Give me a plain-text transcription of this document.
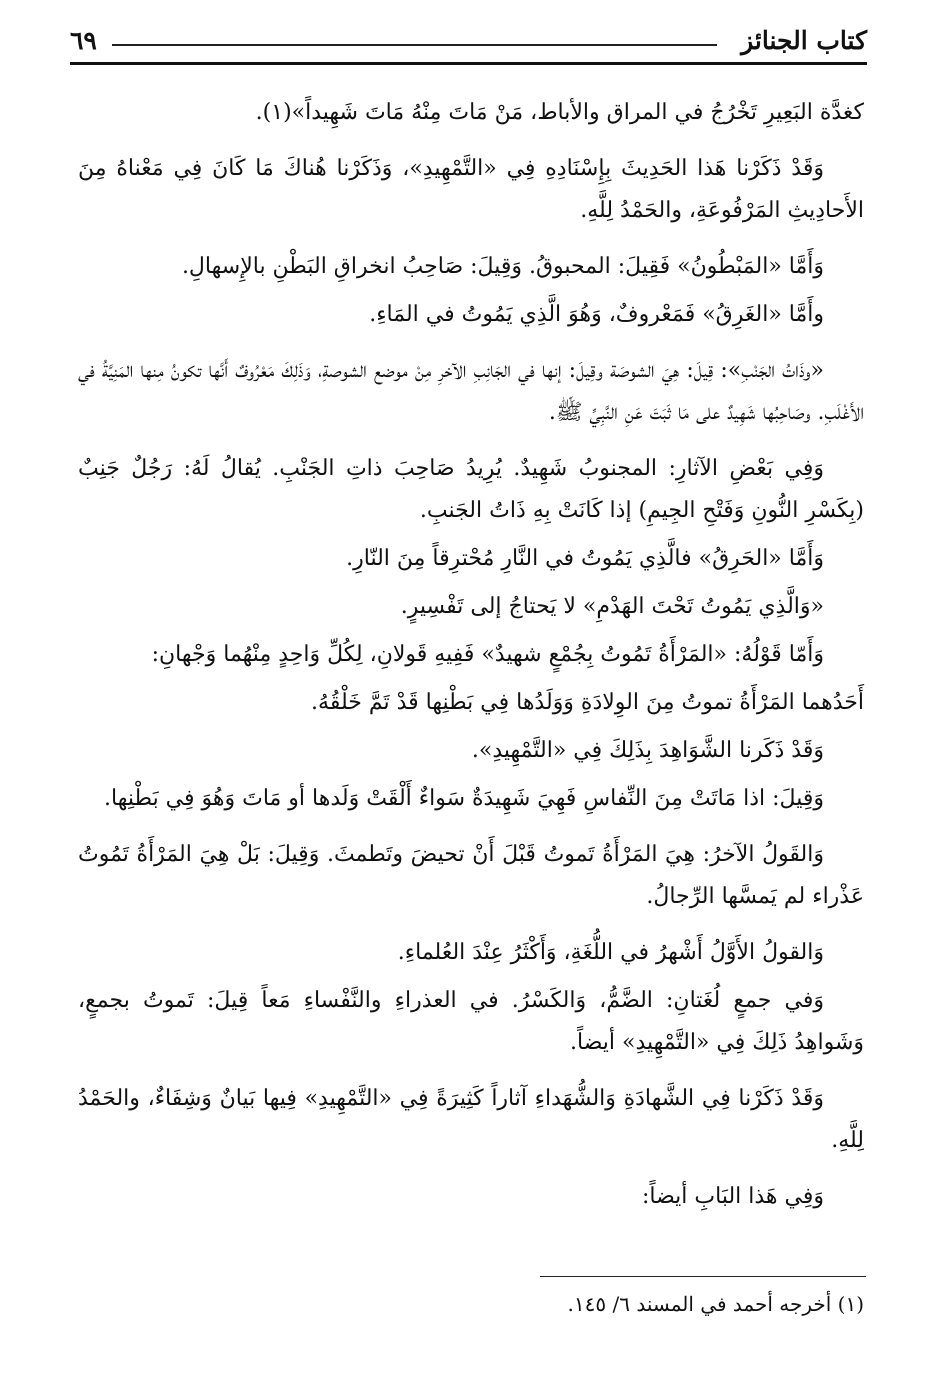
كتاب الجنائز
٦٩

كغدَّة البَعِيرِ تَخْرُجُ في المراق والأباط، مَنْ مَاتَ مِنْهُ مَاتَ شَهِيداً»(١).

وَقَدْ ذَكَرْنا هَذا الحَدِيثَ بِإِسْنَادِهِ فِي «التَّمْهِيدِ»، وَذَكَرْنا هُناكَ مَا كَانَ فِي مَعْناهُ مِنَ الأَحادِيثِ المَرْفُوعَةِ، والحَمْدُ لِلَّهِ.

وَأَمَّا «المَبْطُونُ» فَقِيلَ: المحبوقُ. وَقِيلَ: صَاحِبُ انخراقِ البَطْنِ بالإِسهالِ.

وأَمَّا «الغَرِقُ» فَمَعْروفٌ، وَهُوَ الَّذِي يَمُوتُ في المَاءِ.

«وذَاتُ الجَنْبِ»: قِيلَ: هِيَ الشوصَة وقِيلَ: إنها في الجَانِبِ الآخرِ مِنْ موضع الشوصةِ، وَذَلِكَ مَعْرُوفٌ أَنَّها تكونُ مِنها المَنِيَّةُ في الأَغْلَبِ. وصَاحِبُها شَهِيدٌ على مَا ثَبَتَ عَنِ النَّبِيِّ ﷺ.

وَفِي بَعْضِ الآثارِ: المجنوبُ شَهِيدٌ. يُرِيدُ صَاحِبَ ذاتِ الجَنْبِ. يُقالُ لَهُ: رَجُلٌ جَنِبٌ (بِكَسْرِ النُّونِ وَفَتْحِ الجِيمِ) إذا كَانَتْ بِهِ ذَاتُ الجَنبِ.

وَأَمَّا «الحَرِقُ» فالَّذِي يَمُوتُ في النَّارِ مُحْترِقاً مِنَ النّارِ.

«وَالَّذِي يَمُوتُ تَحْتَ الهَدْمِ» لا يَحتاجُ إلى تَفْسِيرٍ.

وَأَمّا قَوْلُهُ: «المَرْأَةُ تَمُوتُ بِجُمْعٍ شهيدٌ» فَفِيهِ قَولانِ، لِكُلِّ وَاحِدٍ مِنْهُما وَجْهانِ:

أَحَدُهما المَرْأَةُ تموتُ مِنَ الوِلادَةِ وَوَلَدُها فِي بَطْنِها قَدْ تَمَّ خَلْقُهُ.

وَقَدْ ذَكَرنا الشَّوَاهِدَ بِذَلِكَ فِي «التَّمْهِيدِ».

وَقِيلَ: اذا مَاتَتْ مِنَ النِّفاسِ فَهِيَ شَهِيدَةٌ سَواءٌ أَلْقَتْ وَلَدها أو مَاتَ وَهُوَ فِي بَطْنِها.

وَالقَولُ الآخرُ: هِيَ المَرْأَةُ تَموتُ قَبْلَ أَنْ تحيضَ وتَطمثَ. وَقِيلَ: بَلْ هِيَ المَرْأَةُ تَمُوتُ عَذْراء لم يَمسَّها الرِّجالُ.

وَالقولُ الأَوَّلُ أَشْهرُ في اللُّغَةِ، وَأَكْثَرُ عِنْدَ العُلماءِ.

وَفي جمعٍ لُغَتانِ: الضَّمُّ، وَالكَسْرُ. في العذراءِ والنَّفْساءِ مَعاً قِيلَ: تَموتُ بجمعٍ، وَشَواهِدُ ذَلِكَ فِي «التَّمْهِيدِ» أيضاً.

وَقَدْ ذَكَرْنا فِي الشَّهادَةِ وَالشُّهَداءِ آثاراً كَثِيرَةً فِي «التَّمْهِيدِ» فِيها بَيانٌ وَشِفَاءٌ، والحَمْدُ لِلَّهِ.

وَفِي هَذا البَابِ أيضاً:

(١) أخرجه أحمد في المسند ٦/ ١٤٥.
